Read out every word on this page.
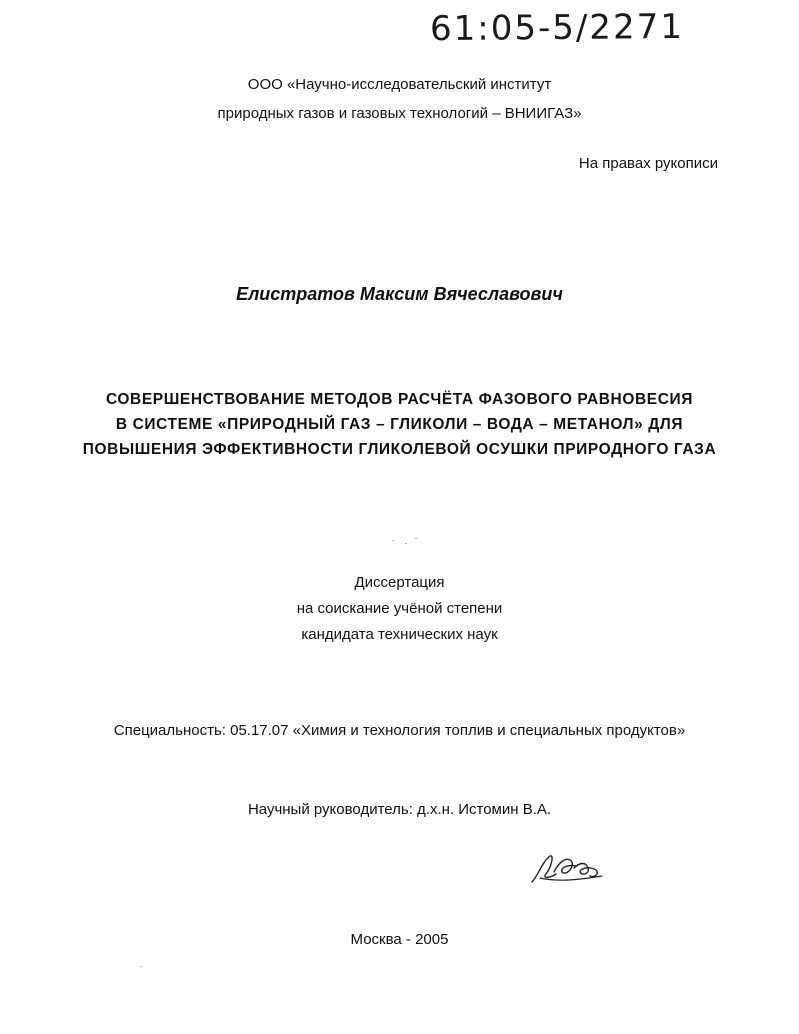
61:05-5/2271
ООО «Научно-исследовательский институт
природных газов и газовых технологий – ВНИИГАЗ»
На правах рукописи
Елистратов Максим Вячеславович
СОВЕРШЕНСТВОВАНИЕ МЕТОДОВ РАСЧЁТА ФАЗОВОГО РАВНОВЕСИЯ
В СИСТЕМЕ «ПРИРОДНЫЙ ГАЗ – ГЛИКОЛИ – ВОДА – МЕТАНОЛ» ДЛЯ
ПОВЫШЕНИЯ ЭФФЕКТИВНОСТИ ГЛИКОЛЕВОЙ ОСУШКИ ПРИРОДНОГО ГАЗА
Диссертация
на соискание учёной степени
кандидата технических наук
Специальность: 05.17.07 «Химия и технология топлив и специальных продуктов»
Научный руководитель: д.х.н. Истомин В.А.
Москва - 2005
